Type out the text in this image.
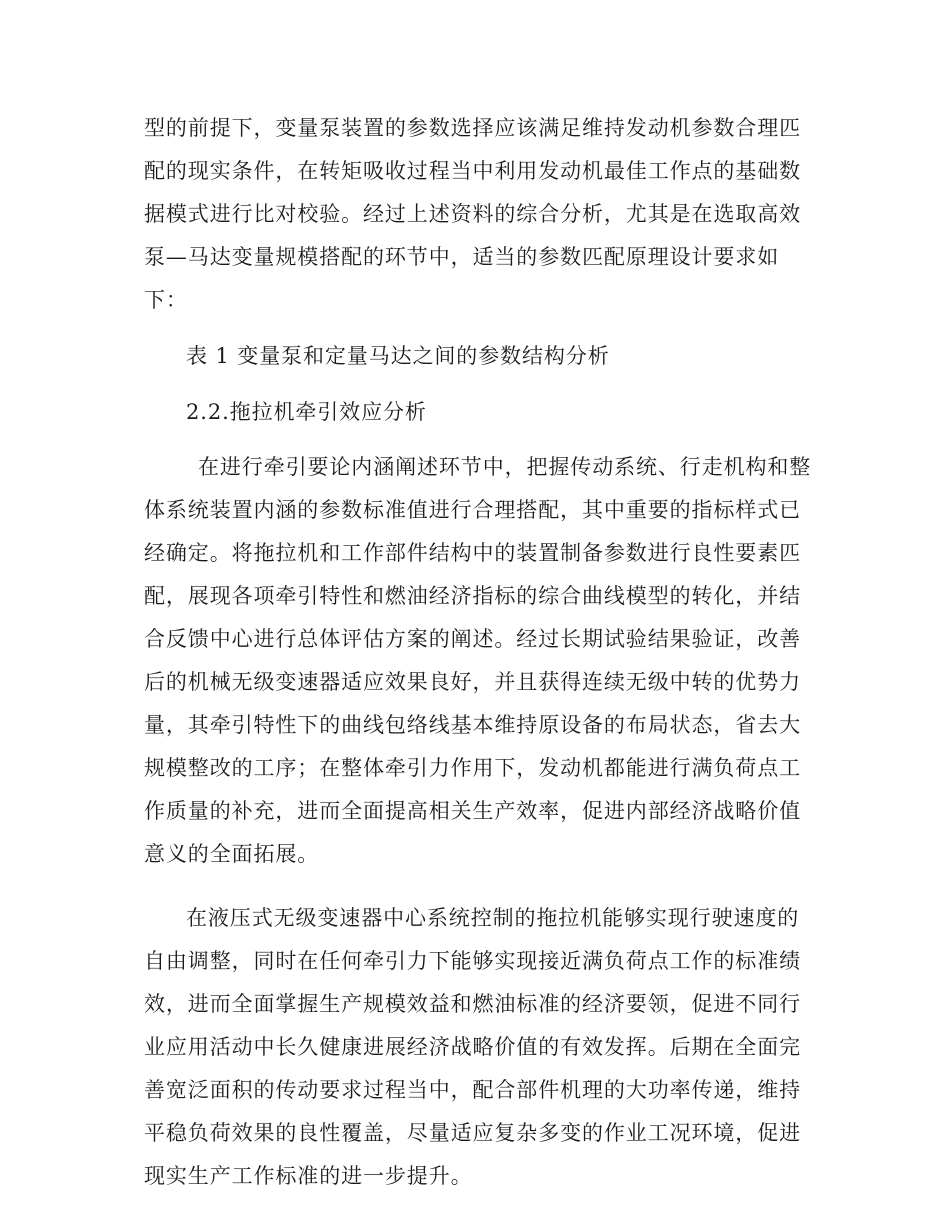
型的前提下，变量泵装置的参数选择应该满足维持发动机参数合理匹
配的现实条件，在转矩吸收过程当中利用发动机最佳工作点的基础数
据模式进行比对校验。经过上述资料的综合分析，尤其是在选取高效
泵—马达变量规模搭配的环节中，适当的参数匹配原理设计要求如
下：
表 1 变量泵和定量马达之间的参数结构分析
2.2.拖拉机牵引效应分析
在进行牵引要论内涵阐述环节中，把握传动系统、行走机构和整
体系统装置内涵的参数标准值进行合理搭配，其中重要的指标样式已
经确定。将拖拉机和工作部件结构中的装置制备参数进行良性要素匹
配，展现各项牵引特性和燃油经济指标的综合曲线模型的转化，并结
合反馈中心进行总体评估方案的阐述。经过长期试验结果验证，改善
后的机械无级变速器适应效果良好，并且获得连续无级中转的优势力
量，其牵引特性下的曲线包络线基本维持原设备的布局状态，省去大
规模整改的工序；在整体牵引力作用下，发动机都能进行满负荷点工
作质量的补充，进而全面提高相关生产效率，促进内部经济战略价值
意义的全面拓展。
在液压式无级变速器中心系统控制的拖拉机能够实现行驶速度的
自由调整，同时在任何牵引力下能够实现接近满负荷点工作的标准绩
效，进而全面掌握生产规模效益和燃油标准的经济要领，促进不同行
业应用活动中长久健康进展经济战略价值的有效发挥。后期在全面完
善宽泛面积的传动要求过程当中，配合部件机理的大功率传递，维持
平稳负荷效果的良性覆盖，尽量适应复杂多变的作业工况环境，促进
现实生产工作标准的进一步提升。
